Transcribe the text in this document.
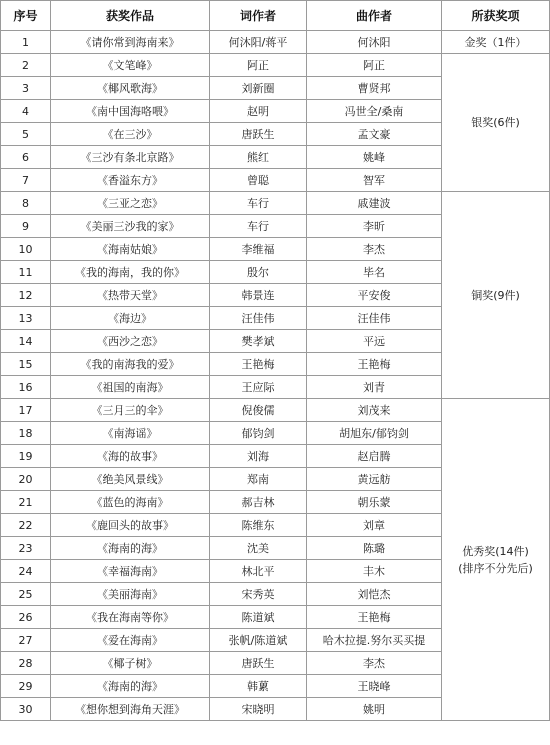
序号	获奖作品	词作者	曲作者	所获奖项
1	《请你常到海南来》	何沐阳/蒋平	何沐阳	金奖（1件）

2	《文笔峰》	阿正	阿正	银奖(6件)

3	《椰风歌海》	刘新圈	曹贤邦	
4	《南中国海咯喂》	赵明	冯世全/桑南	
5	《在三沙》	唐跃生	孟文豪	
6	《三沙有条北京路》	熊红	姚峰	
7	《香溢东方》	曾聪	智军	
8	《三亚之恋》	车行	戚建波	铜奖(9件)

9	《美丽三沙我的家》	车行	李昕	
10	《海南姑娘》	李维福	李杰	
11	《我的海南，我的你》	殷尔	毕名	
12	《热带天堂》	韩景连	平安俊	
13	《海边》	汪佳伟	汪佳伟	
14	《西沙之恋》	樊孝斌	平远	
15	《我的南海我的爱》	王艳梅	王艳梅	
16	《祖国的南海》	王应际	刘青	
17	《三月三的伞》	倪俊儒	刘茂来	优秀奖(14件)
(排序不分先后)

18	《南海谣》	郁钧剑	胡旭东/郁钧剑	
19	《海的故事》	刘海	赵启腾	
20	《绝美风景线》	郑南	黄远舫	
21	《蓝色的海南》	郝吉林	朝乐蒙	
22	《鹿回头的故事》	陈维东	刘章	
23	《海南的海》	沈美	陈璐	
24	《幸福海南》	林北平	丰木	
25	《美丽海南》	宋秀英	刘恺杰	
26	《我在海南等你》	陈道斌	王艳梅	
27	《爱在海南》	张帆/陈道斌	哈木拉提.努尔买买提	
28	《椰子树》	唐跃生	李杰	
29	《海南的海》	韩蔂	王晓峰	
30	《想你想到海角天涯》	宋晓明	姚明	
